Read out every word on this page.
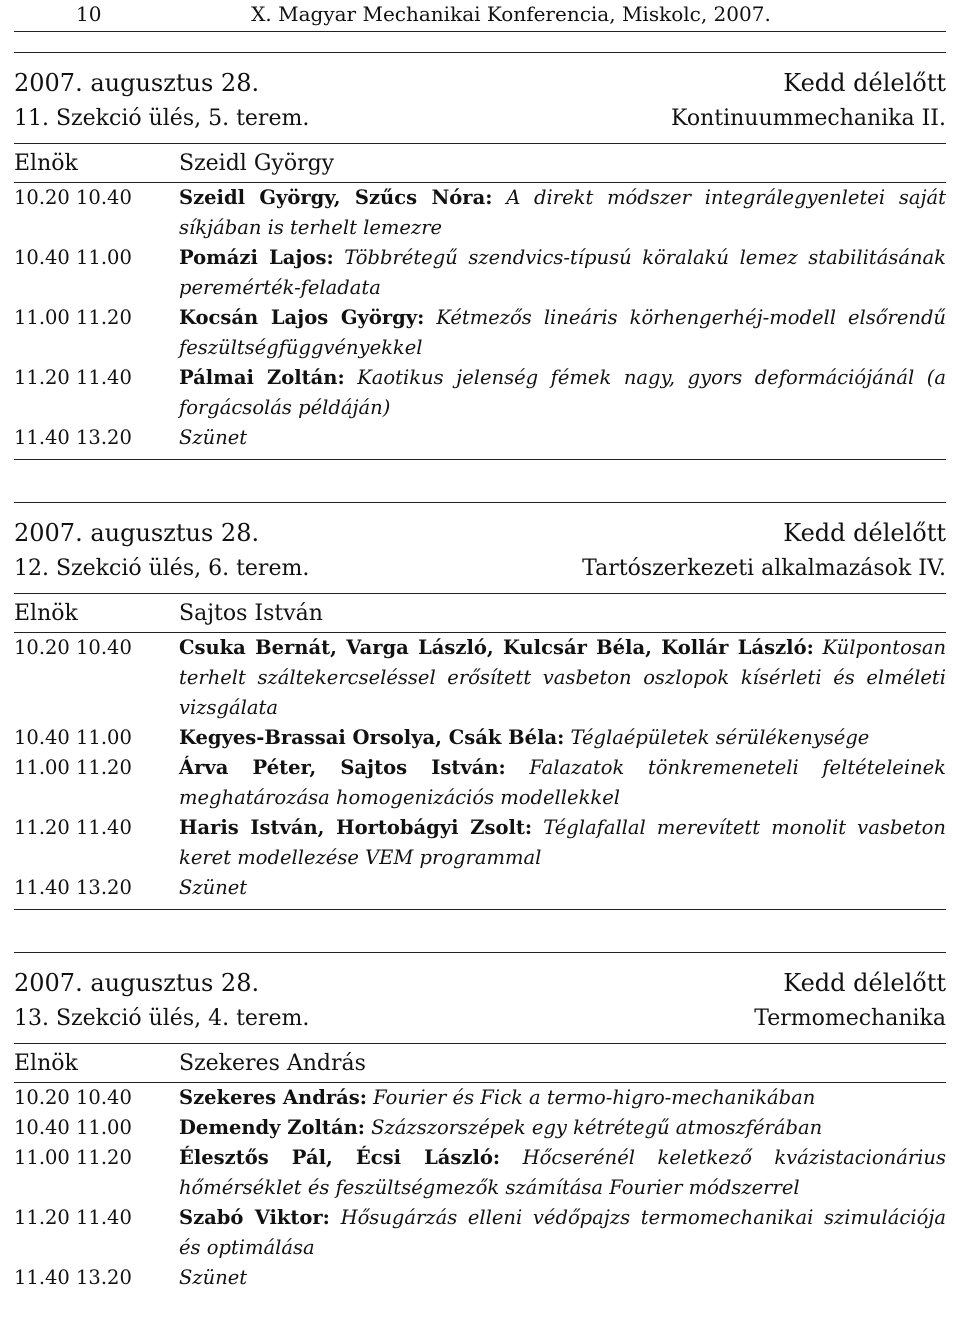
10	X. Magyar Mechanikai Konferencia, Miskolc, 2007.
2007. augusztus 28.	Kedd délelőtt
11. Szekció ülés, 5. terem.	Kontinuummechanika II.
Elnök	Szeidl György
10.20 10.40	Szeidl György, Szűcs Nóra: A direkt módszer integrálegyenletei saját síkjában is terhelt lemezre
10.40 11.00	Pomázi Lajos: Többrétegű szendvics-típusú köralakú lemez stabilitásának peremérték-feladata
11.00 11.20	Kocsán Lajos György: Kétmezős lineáris körhengerhéj-modell elsőrendű feszültségfüggvényekkel
11.20 11.40	Pálmai Zoltán: Kaotikus jelenség fémek nagy, gyors deformációjánál (a forgácsolás példáján)
11.40 13.20	Szünet
2007. augusztus 28.	Kedd délelőtt
12. Szekció ülés, 6. terem.	Tartószerkezeti alkalmazások IV.
Elnök	Sajtos István
10.20 10.40	Csuka Bernát, Varga László, Kulcsár Béla, Kollár László: Külpontosan terhelt száltekercseléssel erősített vasbeton oszlopok kísérleti és elméleti vizsgálata
10.40 11.00	Kegyes-Brassai Orsolya, Csák Béla: Téglaépületek sérülékenysége
11.00 11.20	Árva Péter, Sajtos István: Falazatok tönkremeneteli feltételeinek meghatározása homogenizációs modellekkel
11.20 11.40	Haris István, Hortobágyi Zsolt: Téglafallal merevített monolit vasbeton keret modellezése VEM programmal
11.40 13.20	Szünet
2007. augusztus 28.	Kedd délelőtt
13. Szekció ülés, 4. terem.	Termomechanika
Elnök	Szekeres András
10.20 10.40	Szekeres András: Fourier és Fick a termo-higro-mechanikában
10.40 11.00	Demendy Zoltán: Százszorszépek egy kétrétegű atmoszférában
11.00 11.20	Élesztős Pál, Écsi László: Hőcserénél keletkező kvázistacionárius hőmérséklet és feszültségmezők számítása Fourier módszerrel
11.20 11.40	Szabó Viktor: Hősugárzás elleni védőpajzs termomechanikai szimulációja és optimálása
11.40 13.20	Szünet
